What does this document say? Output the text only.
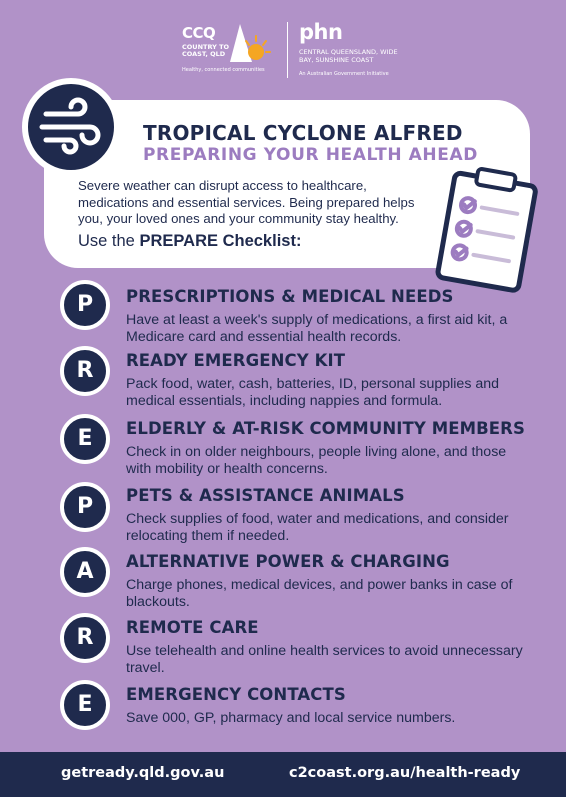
CCQ
COUNTRY TO COAST, QLD
Healthy, connected communities
phn
CENTRAL QUEENSLAND, WIDE BAY, SUNSHINE COAST
An Australian Government Initiative
TROPICAL CYCLONE ALFRED
PREPARING YOUR HEALTH AHEAD
Severe weather can disrupt access to healthcare, medications and essential services. Being prepared helps you, your loved ones and your community stay healthy.
Use the PREPARE Checklist:
P	PRESCRIPTIONS & MEDICAL NEEDS
Have at least a week's supply of medications, a first aid kit, a Medicare card and essential health records.
R	READY EMERGENCY KIT
Pack food, water, cash, batteries, ID, personal supplies and medical essentials, including nappies and formula.
E	ELDERLY & AT-RISK COMMUNITY MEMBERS
Check in on older neighbours, people living alone, and those with mobility or health concerns.
P	PETS & ASSISTANCE ANIMALS
Check supplies of food, water and medications, and consider relocating them if needed.
A	ALTERNATIVE POWER & CHARGING
Charge phones, medical devices, and power banks in case of blackouts.
R	REMOTE CARE
Use telehealth and online health services to avoid unnecessary travel.
E	EMERGENCY CONTACTS
Save 000, GP, pharmacy and local service numbers.
getready.qld.gov.au	c2coast.org.au/health-ready
